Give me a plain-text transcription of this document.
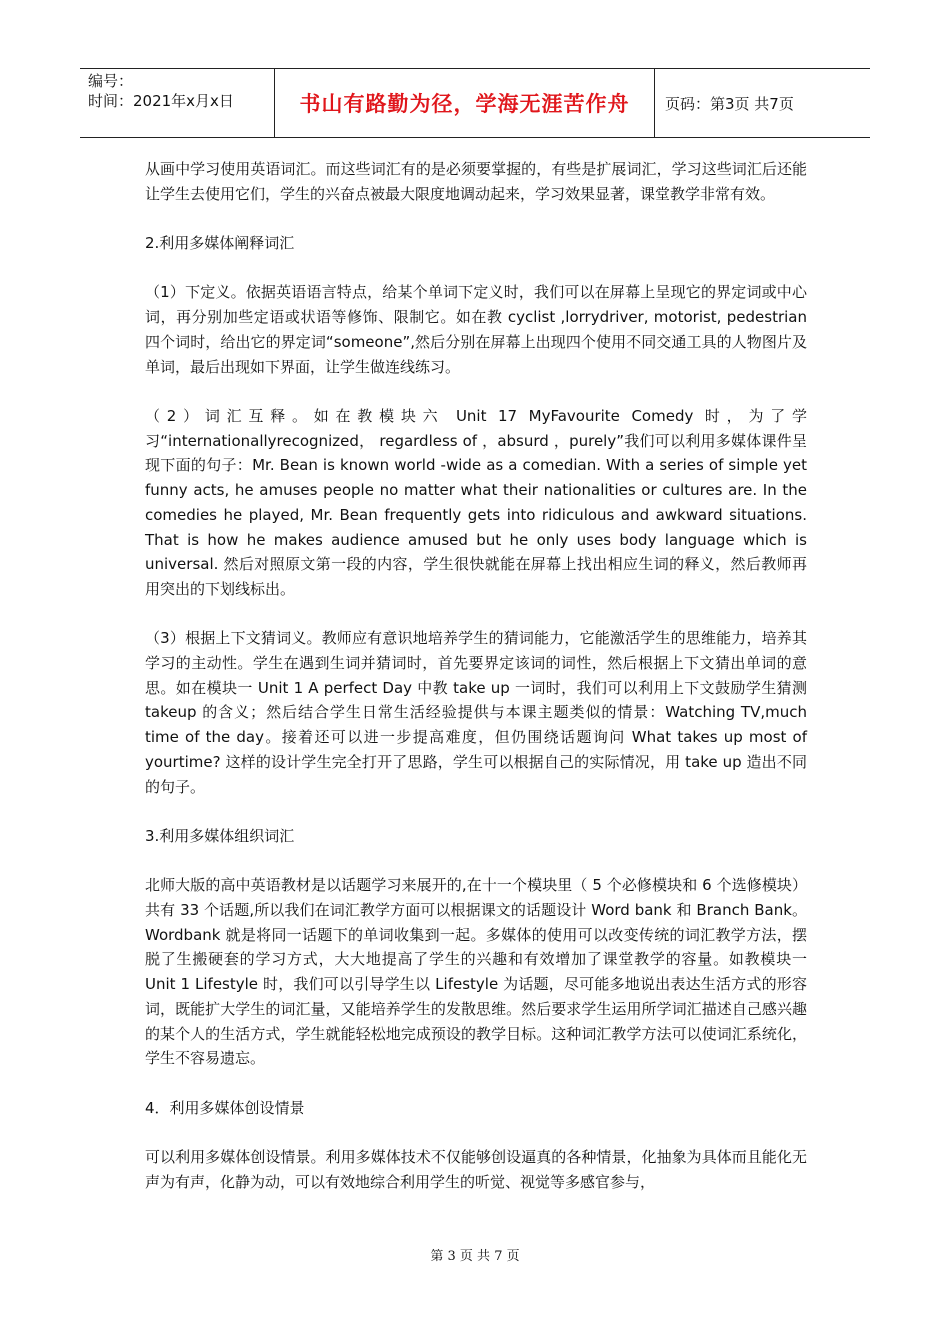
编号：
时间：2021年x月x日	书山有路勤为径，学海无涯苦作舟	页码：第3页 共7页

从画中学习使用英语词汇。而这些词汇有的是必须要掌握的，有些是扩展词汇，学习这些词汇后还能让学生去使用它们，学生的兴奋点被最大限度地调动起来，学习效果显著，课堂教学非常有效。

2.利用多媒体阐释词汇

（1）下定义。依据英语语言特点，给某个单词下定义时，我们可以在屏幕上呈现它的界定词或中心词，再分别加些定语或状语等修饰、限制它。如在教 cyclist ,lorrydriver, motorist, pedestrian 四个词时，给出它的界定词“someone”,然后分别在屏幕上出现四个使用不同交通工具的人物图片及单词，最后出现如下界面，让学生做连线练习。

（2）词汇互释。如在教模块六 Unit 17 MyFavourite Comedy 时，为了学习“internationallyrecognized， regardless of ，absurd ，purely”我们可以利用多媒体课件呈现下面的句子：Mr. Bean is known world -wide as a comedian. With a series of simple yet funny acts, he amuses people no matter what their nationalities or cultures are. In the comedies he played, Mr. Bean frequently gets into ridiculous and awkward situations. That is how he makes audience amused but he only uses body language which is universal. 然后对照原文第一段的内容，学生很快就能在屏幕上找出相应生词的释义，然后教师再用突出的下划线标出。

（3）根据上下文猜词义。教师应有意识地培养学生的猜词能力，它能激活学生的思维能力，培养其学习的主动性。学生在遇到生词并猜词时，首先要界定该词的词性，然后根据上下文猜出单词的意思。如在模块一 Unit 1 A perfect Day 中教 take up 一词时，我们可以利用上下文鼓励学生猜测 takeup 的含义；然后结合学生日常生活经验提供与本课主题类似的情景：Watching TV,much time of the day。接着还可以进一步提高难度，但仍围绕话题询问 What takes up most of yourtime? 这样的设计学生完全打开了思路，学生可以根据自己的实际情况，用 take up 造出不同的句子。

3.利用多媒体组织词汇

北师大版的高中英语教材是以话题学习来展开的,在十一个模块里（ 5 个必修模块和 6 个选修模块）共有 33 个话题,所以我们在词汇教学方面可以根据课文的话题设计 Word bank 和 Branch Bank。Wordbank 就是将同一话题下的单词收集到一起。多媒体的使用可以改变传统的词汇教学方法，摆脱了生搬硬套的学习方式，大大地提高了学生的兴趣和有效增加了课堂教学的容量。如教模块一 Unit 1 Lifestyle 时，我们可以引导学生以 Lifestyle 为话题，尽可能多地说出表达生活方式的形容词，既能扩大学生的词汇量，又能培养学生的发散思维。然后要求学生运用所学词汇描述自己感兴趣的某个人的生活方式，学生就能轻松地完成预设的教学目标。这种词汇教学方法可以使词汇系统化，学生不容易遗忘。

4．利用多媒体创设情景

可以利用多媒体创设情景。利用多媒体技术不仅能够创设逼真的各种情景，化抽象为具体而且能化无声为有声，化静为动，可以有效地综合利用学生的听觉、视觉等多感官参与，

第 3 页 共 7 页
